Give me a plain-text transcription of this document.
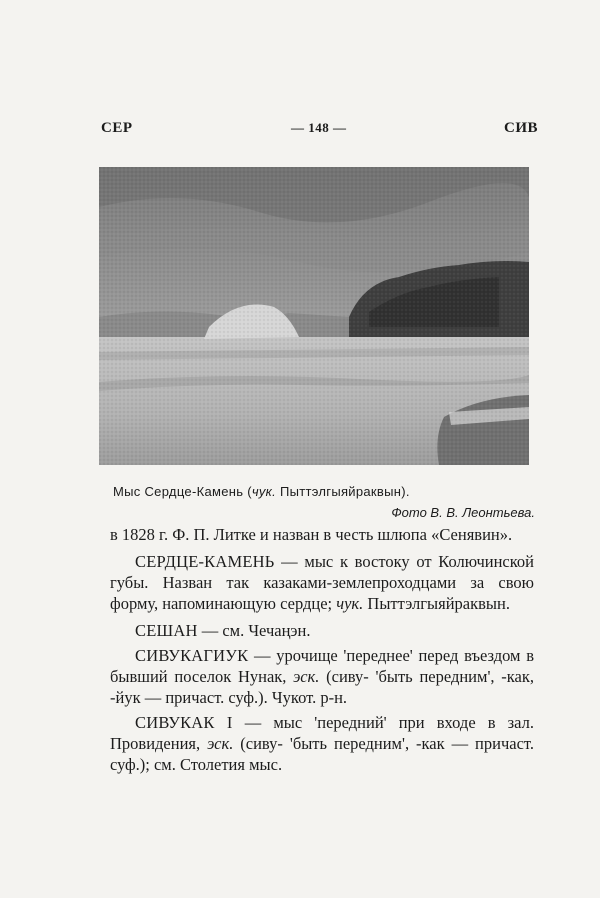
СЕР	— 148 —	СИВ
Мыс Сердце-Камень (чук. Пыттэлгыяйраквын).
Фото В. В. Леонтьева.

в 1828 г. Ф. П. Литке и назван в честь шлюпа «Сенявин».

СЕРДЦЕ-КАМЕНЬ — мыс к востоку от Колючинской губы. Назван так казаками-землепроходцами за свою форму, напоминающую сердце; чук. Пыттэлгыяйраквын.

СЕШАН — см. Чечаңэн.

СИВУКАГИУК — урочище 'переднее' перед въездом в бывший поселок Нунак, эск. (сиву- 'быть передним', -как, -йук — причаст. суф.). Чукот. р-н.

СИВУКАК I — мыс 'передний' при входе в зал. Провидения, эск. (сиву- 'быть передним', -как — причаст. суф.); см. Столетия мыс.
